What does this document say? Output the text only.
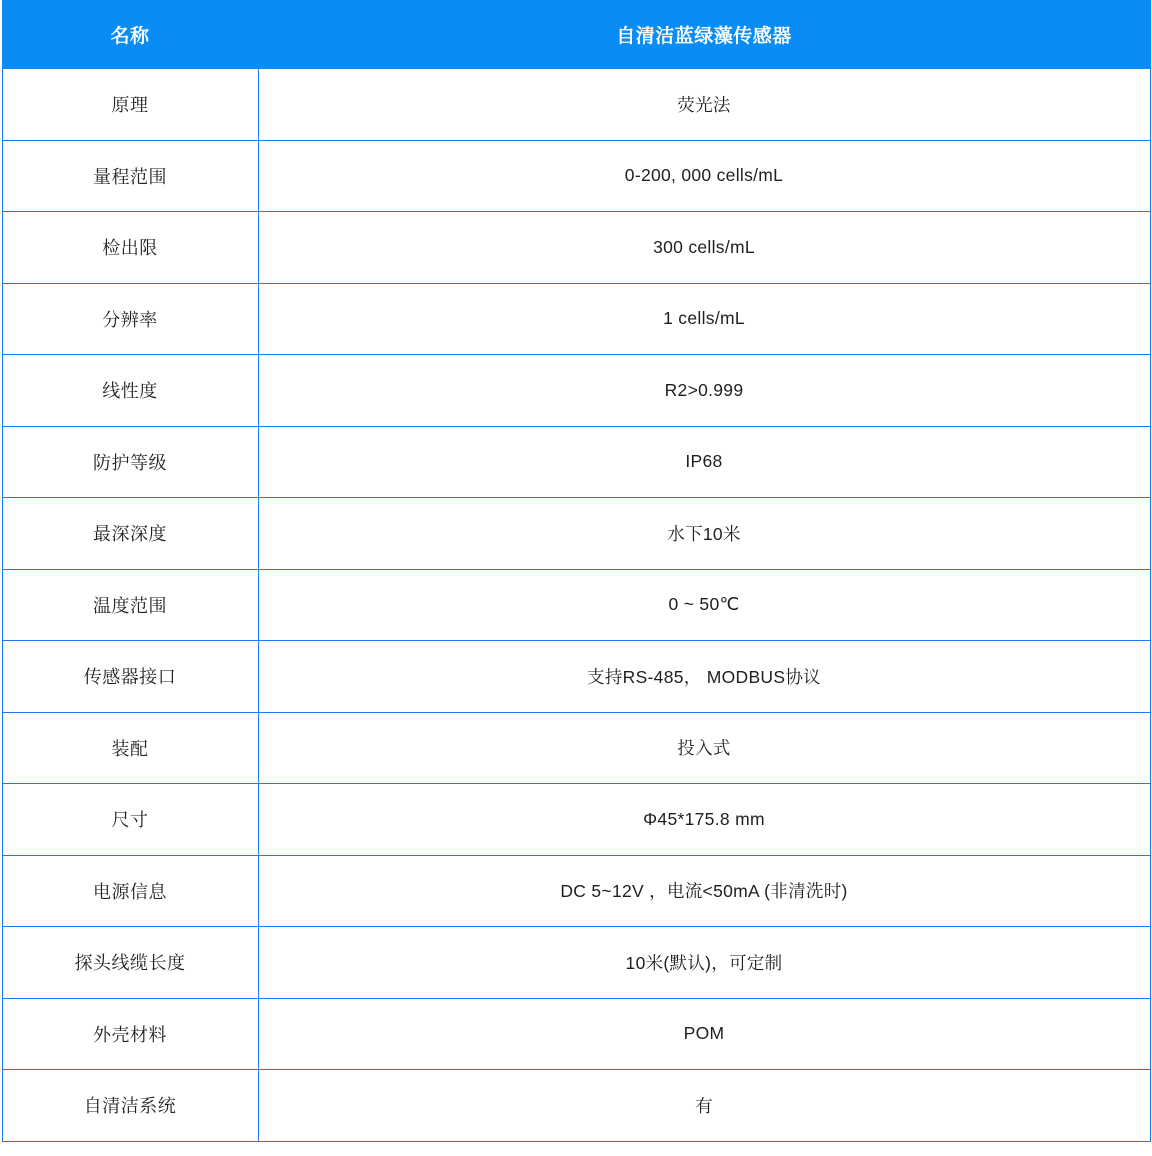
名称	自清洁蓝绿藻传感器
原理	荧光法
量程范围	0-200, 000 cells/mL
检出限	300 cells/mL
分辨率	1 cells/mL
线性度	R2>0.999
防护等级	IP68
最深深度	水下10米
温度范围	0 ~ 50℃
传感器接口	支持RS-485， MODBUS协议
装配	投入式
尺寸	Φ45*175.8 mm
电源信息	DC 5~12V ，电流<50mA (非清洗时)
探头线缆长度	10米(默认)，可定制
外壳材料	POM
自清洁系统	有
